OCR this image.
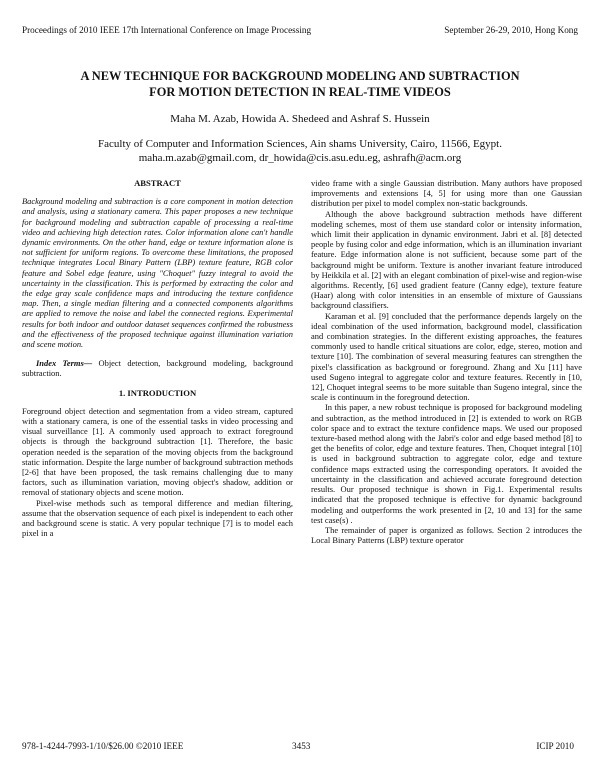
Proceedings of 2010 IEEE 17th International Conference on Image Processing	September 26-29, 2010, Hong Kong
A NEW TECHNIQUE FOR BACKGROUND MODELING AND SUBTRACTION
FOR MOTION DETECTION IN REAL-TIME VIDEOS
Maha M. Azab, Howida A. Shedeed and Ashraf S. Hussein
Faculty of Computer and Information Sciences, Ain shams University, Cairo, 11566, Egypt.
maha.m.azab@gmail.com, dr_howida@cis.asu.edu.eg, ashrafh@acm.org
ABSTRACT

Background modeling and subtraction is a core component in motion detection and analysis, using a stationary camera. This paper proposes a new technique for background modeling and subtraction capable of processing a real-time video and achieving high detection rates. Color information alone can't handle dynamic environments. On the other hand, edge or texture information alone is not sufficient for uniform regions. To overcome these limitations, the proposed technique integrates Local Binary Pattern (LBP) texture feature, RGB color feature and Sobel edge feature, using "Choquet" fuzzy integral to avoid the uncertainty in the classification. This is performed by extracting the color and the edge gray scale confidence maps and introducing the texture confidence map. Then, a single median filtering and a connected components algorithms are applied to remove the noise and label the connected regions. Experimental results for both indoor and outdoor dataset sequences confirmed the robustness and the effectiveness of the proposed technique against illumination variation and scene motion.

Index Terms— Object detection, background modeling, background subtraction.

1. INTRODUCTION

Foreground object detection and segmentation from a video stream, captured with a stationary camera, is one of the essential tasks in video processing and visual surveillance [1]. A commonly used approach to extract foreground objects is through the background subtraction [1]. Therefore, the basic operation needed is the separation of the moving objects from the background static information. Despite the large number of background subtraction methods [2-6] that have been proposed, the task remains challenging due to many factors, such as illumination variation, moving object's shadow, addition or removal of stationary objects and scene motion.

Pixel-wise methods such as temporal difference and median filtering, assume that the observation sequence of each pixel is independent to each other and background scene is static. A very popular technique [7] is to model each pixel in a

video frame with a single Gaussian distribution. Many authors have proposed improvements and extensions [4, 5] for using more than one Gaussian distribution per pixel to model complex non-static backgrounds.

Although the above background subtraction methods have different modeling schemes, most of them use standard color or intensity information, which limit their application in dynamic environment. Jabri et al. [8] detected people by fusing color and edge information, which is an illumination invariant feature. Edge information alone is not sufficient, because some part of the background might be uniform. Texture is another invariant feature introduced by Heikkila et al. [2] with an elegant combination of pixel-wise and region-wise algorithms. Recently, [6] used gradient feature (Canny edge), texture feature (Haar) along with color intensities in an ensemble of mixture of Gaussians background classifiers.

Karaman et al. [9] concluded that the performance depends largely on the ideal combination of the used information, background model, classification and combination strategies. In the different existing approaches, the features commonly used to handle critical situations are color, edge, stereo, motion and texture [10]. The combination of several measuring features can strengthen the pixel's classification as background or foreground. Zhang and Xu [11] have used Sugeno integral to aggregate color and texture features. Recently in [10, 12], Choquet integral seems to be more suitable than Sugeno integral, since the scale is continuum in the foreground detection.

In this paper, a new robust technique is proposed for background modeling and subtraction, as the method introduced in [2] is extended to work on RGB color space and to extract the texture confidence maps. We used our proposed texture-based method along with the Jabri's color and edge based method [8] to get the benefits of color, edge and texture features. Then, Choquet integral [10] is used in background subtraction to aggregate color, edge and texture confidence maps extracted using the corresponding operators. It avoided the uncertainty in the classification and achieved accurate foreground detection results. Our proposed technique is shown in Fig.1. Experimental results indicated that the proposed technique is effective for dynamic background modeling and outperforms the work presented in [2, 10 and 13] for the same test case(s) .

The remainder of paper is organized as follows. Section 2 introduces the Local Binary Patterns (LBP) texture operator

978-1-4244-7993-1/10/$26.00 ©2010 IEEE	3453	ICIP 2010
